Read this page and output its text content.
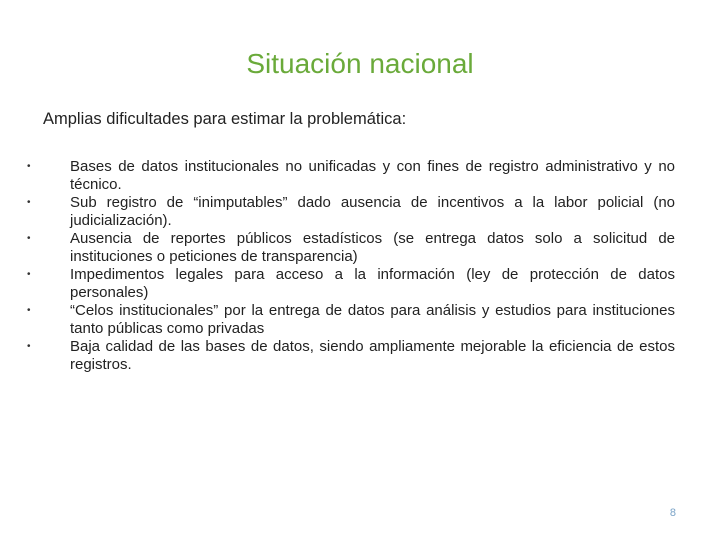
Situación nacional
Amplias dificultades para estimar la problemática:
•	Bases de datos institucionales no unificadas y con fines de registro administrativo y no técnico.
•	Sub registro de “inimputables” dado ausencia de incentivos a la labor policial (no judicialización).
•	Ausencia de reportes públicos estadísticos (se entrega datos solo a solicitud de instituciones o peticiones de transparencia)
•	Impedimentos legales para acceso a la información (ley de protección de datos personales)
•	“Celos institucionales” por la entrega de datos para análisis y estudios para instituciones tanto públicas como privadas
•	Baja calidad de las bases de datos, siendo ampliamente mejorable la eficiencia de estos registros.
8
